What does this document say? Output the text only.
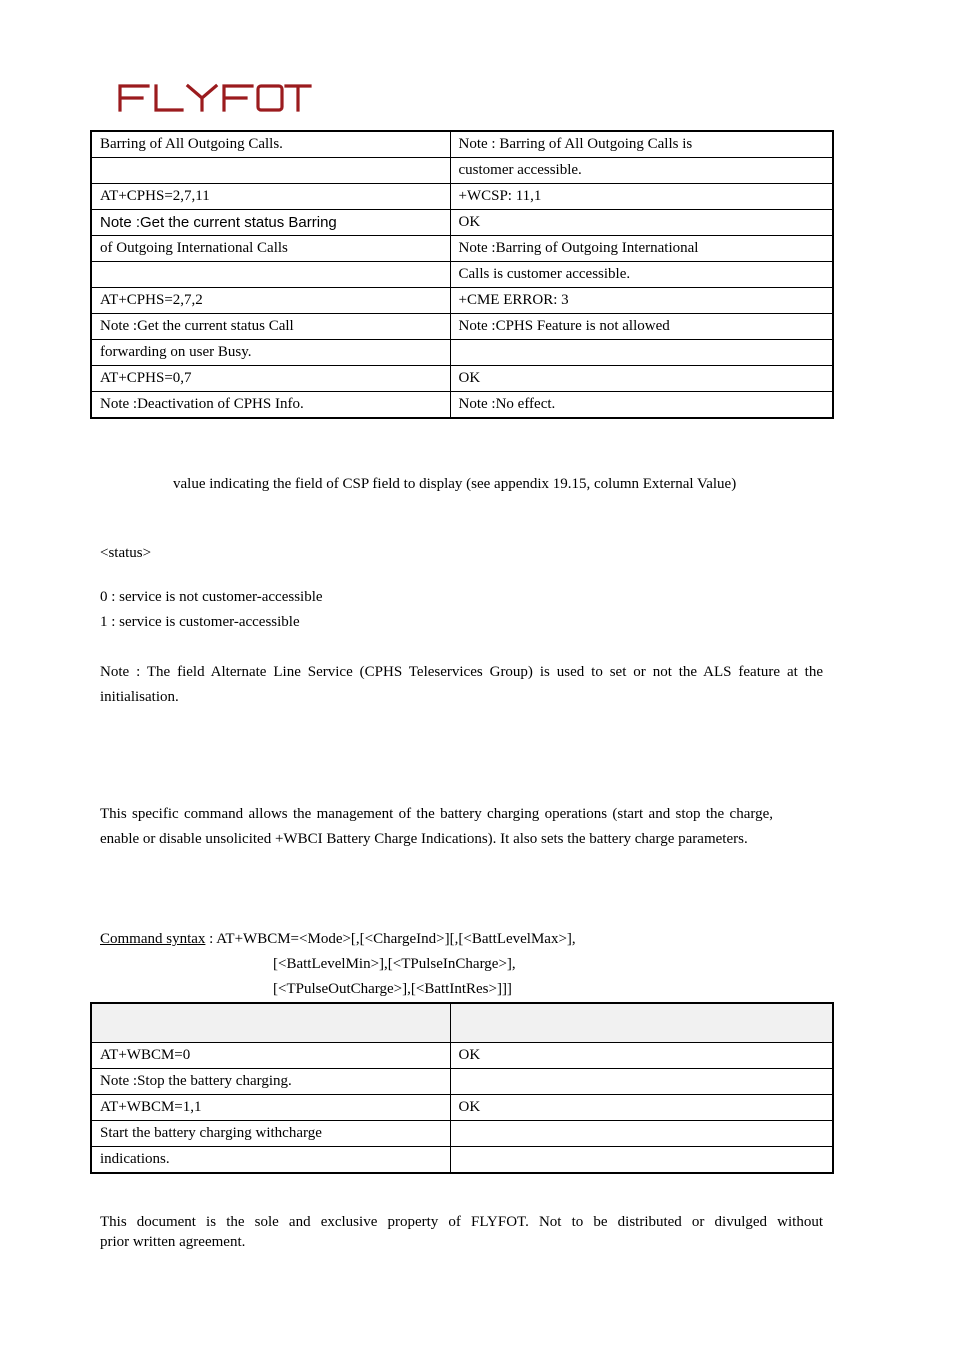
Barring of All Outgoing Calls.	Note : Barring of All Outgoing Calls is
	customer accessible.
AT+CPHS=2,7,11	+WCSP: 11,1
Note :Get the current status Barring	OK
of Outgoing International Calls	Note :Barring of Outgoing International
	Calls is customer accessible.
AT+CPHS=2,7,2	+CME ERROR: 3
Note :Get the current status Call	Note :CPHS Feature is not allowed
forwarding on user Busy.	
AT+CPHS=0,7	OK
Note :Deactivation of CPHS Info.	Note :No effect.

value indicating the field of CSP field to display (see appendix 19.15, column External Value)

<status>

0 : service is not customer-accessible

1 : service is customer-accessible

Note : The field Alternate Line Service (CPHS Teleservices Group) is used to set or not the ALS feature at the initialisation.

This specific command allows the management of the battery charging operations (start and stop the charge, enable or disable unsolicited +WBCI Battery Charge Indications). It also sets the battery charge parameters.

Command syntax : AT+WBCM=<Mode>[,[<ChargeInd>][,[<BattLevelMax>],

[<BattLevelMin>],[<TPulseInCharge>],

[<TPulseOutCharge>],[<BattIntRes>]]]

AT+WBCM=0	OK
Note :Stop the battery charging.	
AT+WBCM=1,1	OK
Start the battery charging withcharge	
indications.	

This document is the sole and exclusive property of FLYFOT. Not to be distributed or divulged without

prior written agreement.
